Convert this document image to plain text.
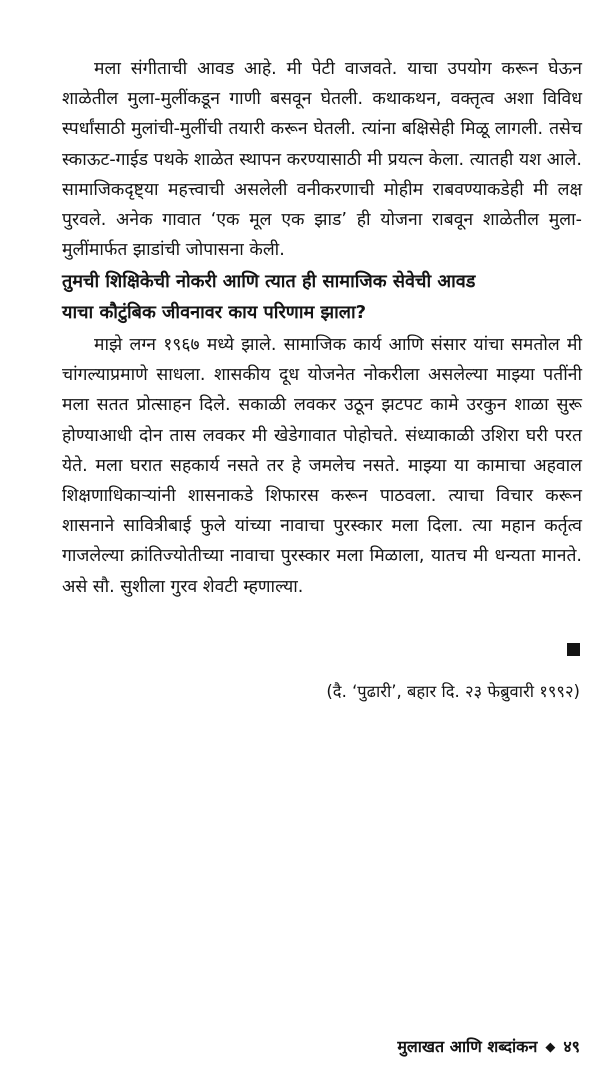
मला संगीताची आवड आहे. मी पेटी वाजवते. याचा उपयोग करून घेऊन शाळेतील मुला-मुलींकडून गाणी बसवून घेतली. कथाकथन, वक्तृत्व अशा विविध स्पर्धांसाठी मुलांची-मुलींची तयारी करून घेतली. त्यांना बक्षिसेही मिळू लागली. तसेच स्काऊट-गाईड पथके शाळेत स्थापन करण्यासाठी मी प्रयत्न केला. त्यातही यश आले. सामाजिकदृष्ट्या महत्त्वाची असलेली वनीकरणाची मोहीम राबवण्याकडेही मी लक्ष पुरवले. अनेक गावात ‘एक मूल एक झाड’ ही योजना राबवून शाळेतील मुला-मुलींमार्फत झाडांची जोपासना केली.

तुमची शिक्षिकेची नोकरी आणि त्यात ही सामाजिक सेवेची आवड

याचा कौटुंबिक जीवनावर काय परिणाम झाला?

माझे लग्न १९६७ मध्ये झाले. सामाजिक कार्य आणि संसार यांचा समतोल मी चांगल्याप्रमाणे साधला. शासकीय दूध योजनेत नोकरीला असलेल्या माझ्या पतींनी मला सतत प्रोत्साहन दिले. सकाळी लवकर उठून झटपट कामे उरकुन शाळा सुरू होण्याआधी दोन तास लवकर मी खेडेगावात पोहोचते. संध्याकाळी उशिरा घरी परत येते. मला घरात सहकार्य नसते तर हे जमलेच नसते. माझ्या या कामाचा अहवाल शिक्षणाधिकाऱ्यांनी शासनाकडे शिफारस करून पाठवला. त्याचा विचार करून शासनाने सावित्रीबाई फुले यांच्या नावाचा पुरस्कार मला दिला. त्या महान कर्तृत्व गाजलेल्या क्रांतिज्योतीच्या नावाचा पुरस्कार मला मिळाला, यातच मी धन्यता मानते. असे सौ. सुशीला गुरव शेवटी म्हणाल्या.

(दै. ‘पुढारी’, बहार दि. २३ फेब्रुवारी १९९२)
मुलाखत आणि शब्दांकन ◆ ४९
